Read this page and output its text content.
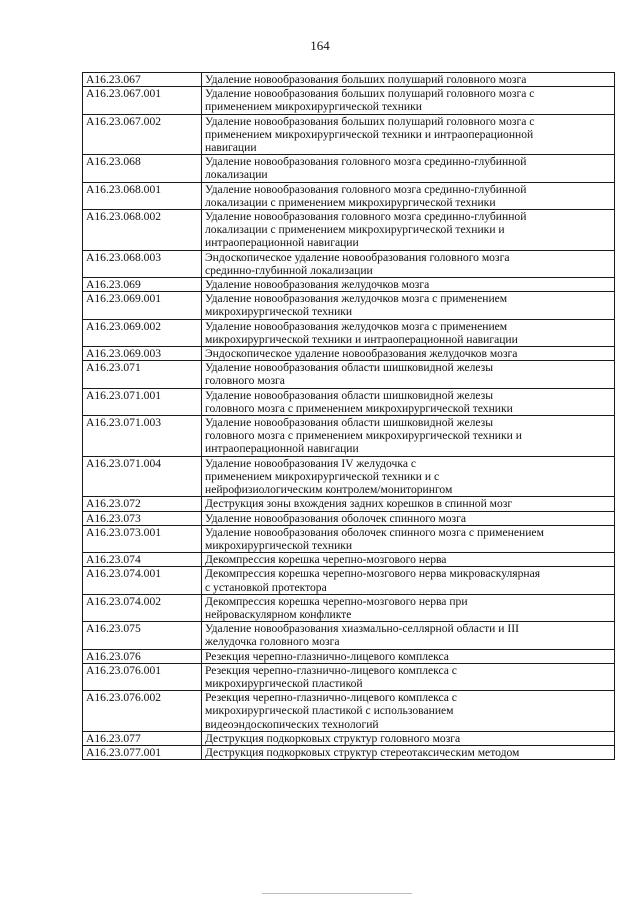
164
A16.23.067	Удаление новообразования больших полушарий головного мозга
A16.23.067.001	Удаление новообразования больших полушарий головного мозга с
применением микрохирургической техники
A16.23.067.002	Удаление новообразования больших полушарий головного мозга с
применением микрохирургической техники и интраоперационной
навигации
A16.23.068	Удаление новообразования головного мозга срединно-глубинной
локализации
A16.23.068.001	Удаление новообразования головного мозга срединно-глубинной
локализации с применением микрохирургической техники
A16.23.068.002	Удаление новообразования головного мозга срединно-глубинной
локализации с применением микрохирургической техники и
интраоперационной навигации
A16.23.068.003	Эндоскопическое удаление новообразования головного мозга
срединно-глубинной локализации
A16.23.069	Удаление новообразования желудочков мозга
A16.23.069.001	Удаление новообразования желудочков мозга с применением
микрохирургической техники
A16.23.069.002	Удаление новообразования желудочков мозга с применением
микрохирургической техники и интраоперационной навигации
A16.23.069.003	Эндоскопическое удаление новообразования желудочков мозга
A16.23.071	Удаление новообразования области шишковидной железы
головного мозга
A16.23.071.001	Удаление новообразования области шишковидной железы
головного мозга с применением микрохирургической техники
A16.23.071.003	Удаление новообразования области шишковидной железы
головного мозга с применением микрохирургической техники и
интраоперационной навигации
A16.23.071.004	Удаление новообразования IV желудочка с
применением микрохирургической техники и с
нейрофизиологическим контролем/мониторингом
A16.23.072	Деструкция зоны вхождения задних корешков в спинной мозг
A16.23.073	Удаление новообразования оболочек спинного мозга
A16.23.073.001	Удаление новообразования оболочек спинного мозга с применением
микрохирургической техники
A16.23.074	Декомпрессия корешка черепно-мозгового нерва
A16.23.074.001	Декомпрессия корешка черепно-мозгового нерва микроваскулярная
с установкой протектора
A16.23.074.002	Декомпрессия корешка черепно-мозгового нерва при
нейроваскулярном конфликте
A16.23.075	Удаление новообразования хиазмально-селлярной области и III
желудочка головного мозга
A16.23.076	Резекция черепно-глазнично-лицевого комплекса
A16.23.076.001	Резекция черепно-глазнично-лицевого комплекса с
микрохирургической пластикой
A16.23.076.002	Резекция черепно-глазнично-лицевого комплекса с
микрохирургической пластикой с использованием
видеоэндоскопических технологий
A16.23.077	Деструкция подкорковых структур головного мозга
A16.23.077.001	Деструкция подкорковых структур стереотаксическим методом
